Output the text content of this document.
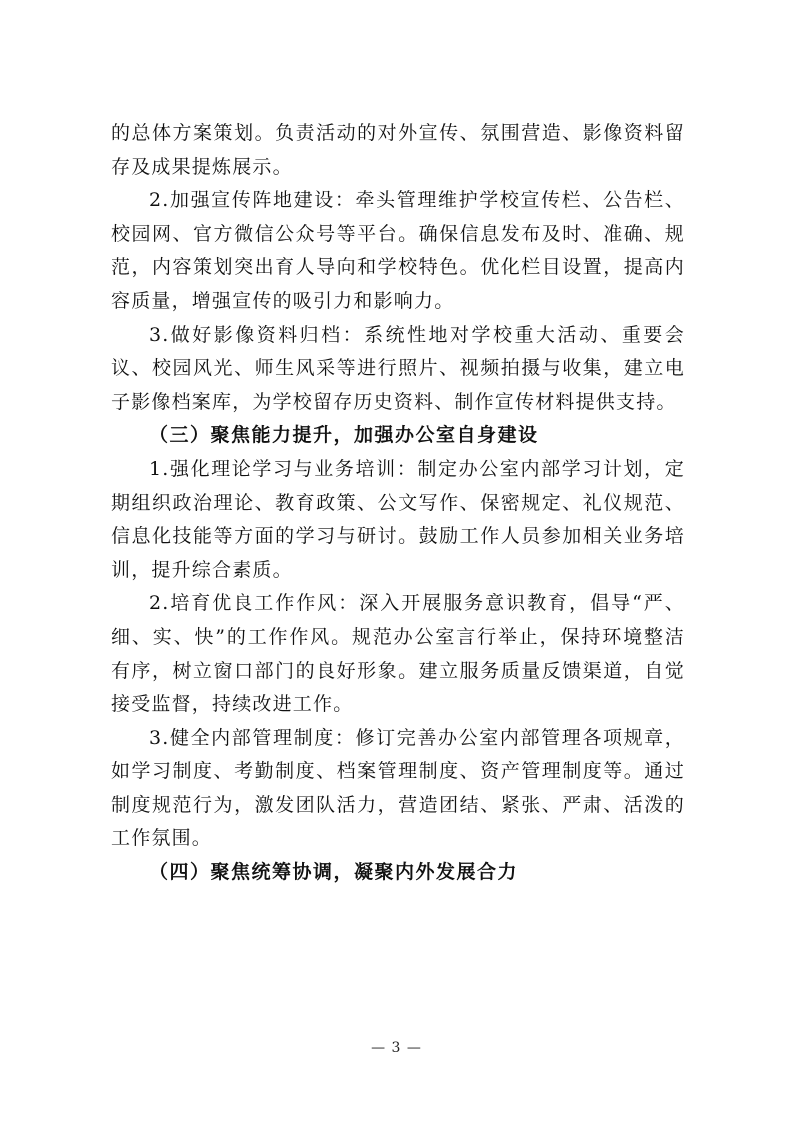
的总体方案策划。负责活动的对外宣传、氛围营造、影像资料留存及成果提炼展示。

2.加强宣传阵地建设：牵头管理维护学校宣传栏、公告栏、校园网、官方微信公众号等平台。确保信息发布及时、准确、规范，内容策划突出育人导向和学校特色。优化栏目设置，提高内容质量，增强宣传的吸引力和影响力。

3.做好影像资料归档：系统性地对学校重大活动、重要会议、校园风光、师生风采等进行照片、视频拍摄与收集，建立电子影像档案库，为学校留存历史资料、制作宣传材料提供支持。

（三）聚焦能力提升，加强办公室自身建设

1.强化理论学习与业务培训：制定办公室内部学习计划，定期组织政治理论、教育政策、公文写作、保密规定、礼仪规范、信息化技能等方面的学习与研讨。鼓励工作人员参加相关业务培训，提升综合素质。

2.培育优良工作作风：深入开展服务意识教育，倡导“严、细、实、快”的工作作风。规范办公室言行举止，保持环境整洁有序，树立窗口部门的良好形象。建立服务质量反馈渠道，自觉接受监督，持续改进工作。

3.健全内部管理制度：修订完善办公室内部管理各项规章，如学习制度、考勤制度、档案管理制度、资产管理制度等。通过制度规范行为，激发团队活力，营造团结、紧张、严肃、活泼的工作氛围。

（四）聚焦统筹协调，凝聚内外发展合力

— 3 —
